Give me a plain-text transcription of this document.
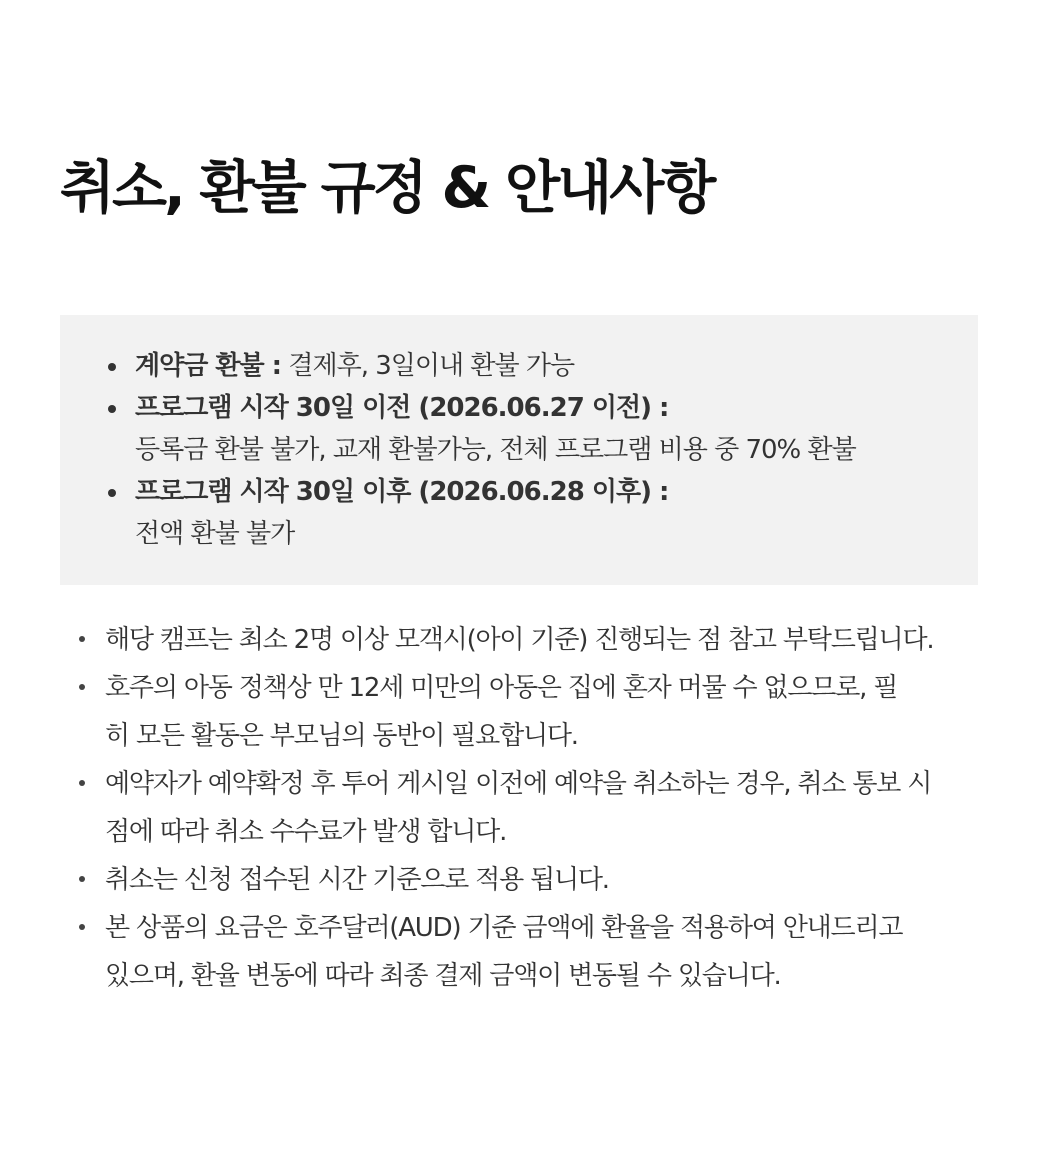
취소, 환불 규정 & 안내사항
계약금 환불 : 결제후, 3일이내 환불 가능
프로그램 시작 30일 이전 (2026.06.27 이전) :
등록금 환불 불가, 교재 환불가능, 전체 프로그램 비용 중 70% 환불
프로그램 시작 30일 이후 (2026.06.28 이후) :
전액 환불 불가
해당 캠프는 최소 2명 이상 모객시(아이 기준) 진행되는 점 참고 부탁드립니다.
호주의 아동 정책상 만 12세 미만의 아동은 집에 혼자 머물 수 없으므로, 필
히 모든 활동은 부모님의 동반이 필요합니다.
예약자가 예약확정 후 투어 게시일 이전에 예약을 취소하는 경우, 취소 통보 시
점에 따라 취소 수수료가 발생 합니다.
취소는 신청 접수된 시간 기준으로 적용 됩니다.
본 상품의 요금은 호주달러(AUD) 기준 금액에 환율을 적용하여 안내드리고
있으며, 환율 변동에 따라 최종 결제 금액이 변동될 수 있습니다.
